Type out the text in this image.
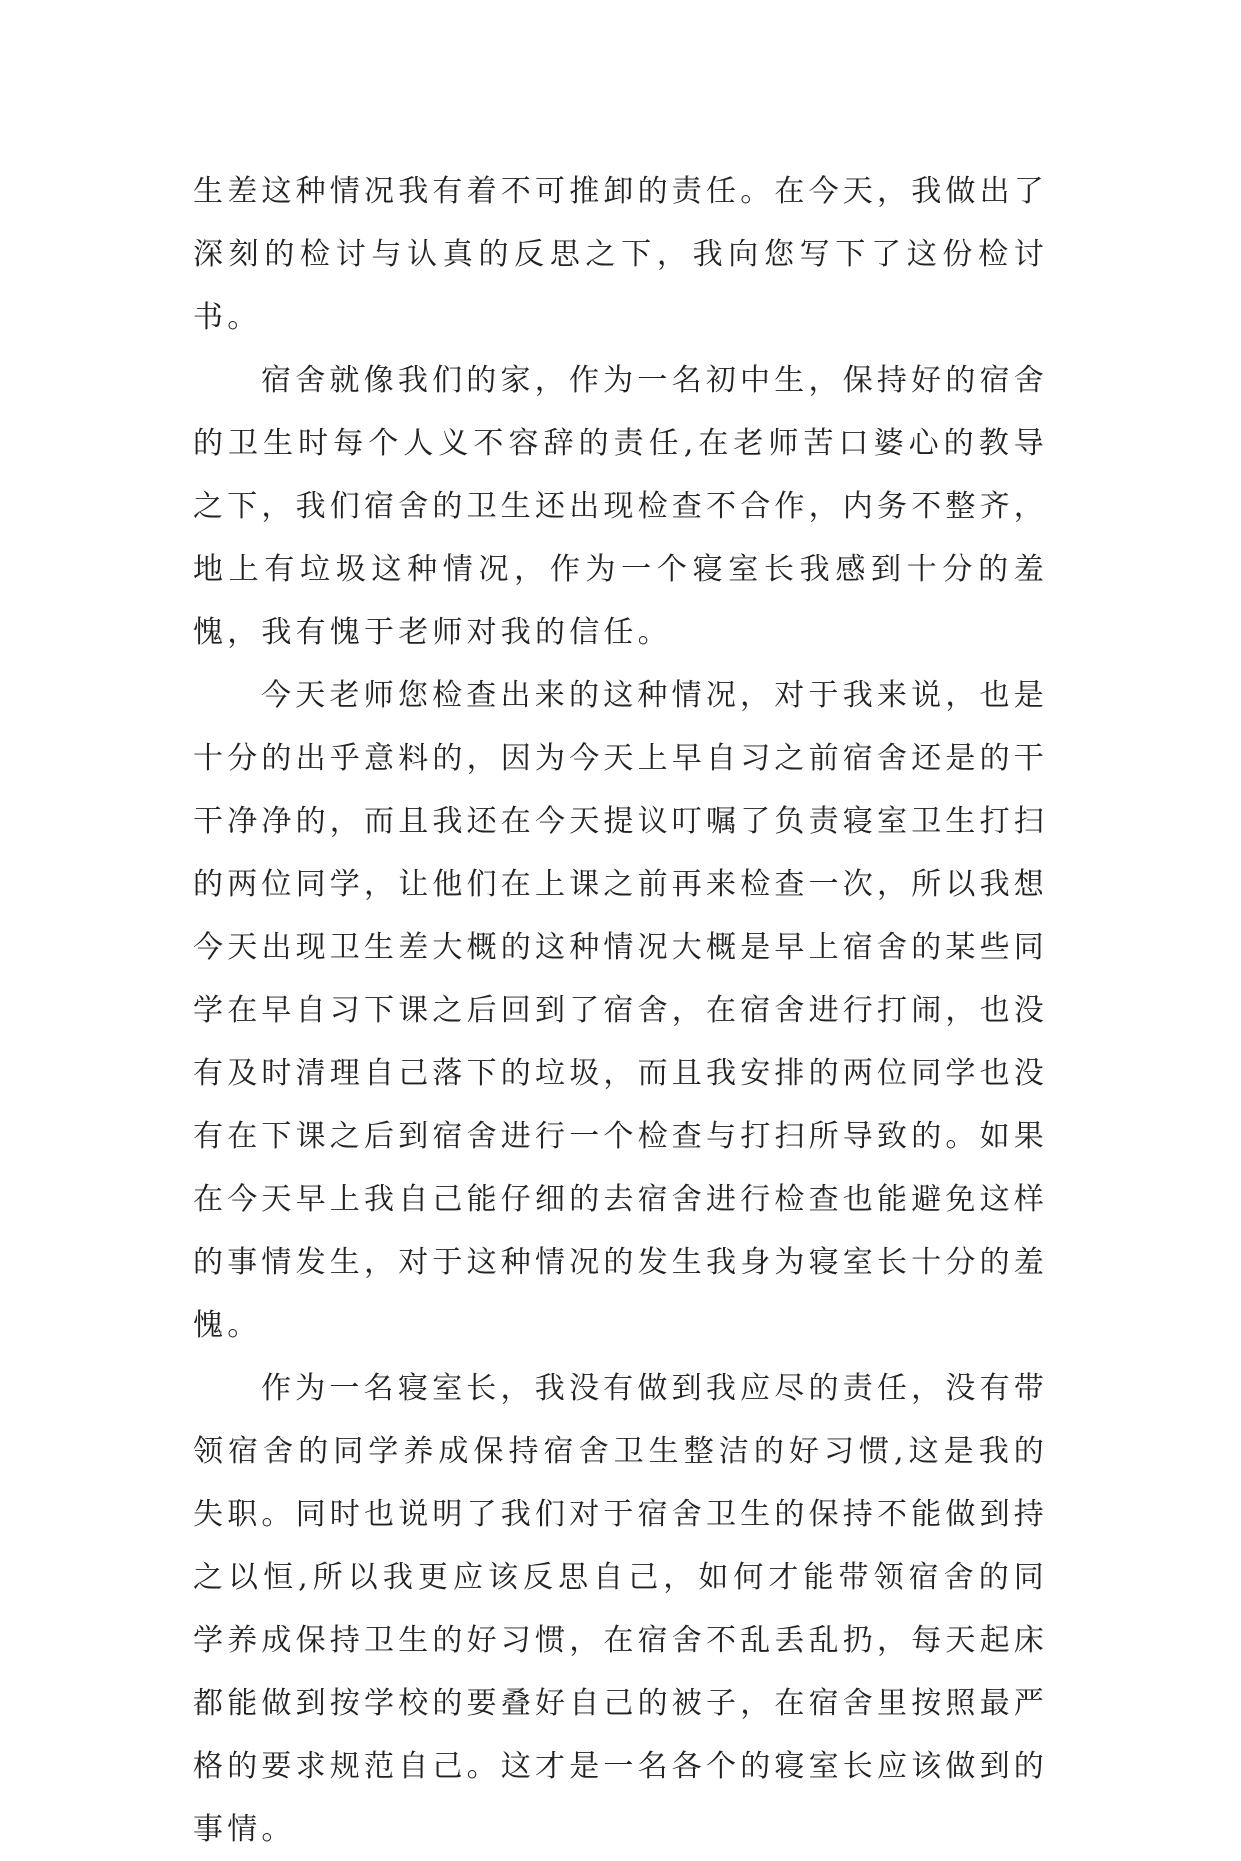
生差这种情况我有着不可推卸的责任。在今天，我做出了深刻的检讨与认真的反思之下，我向您写下了这份检讨书。

宿舍就像我们的家，作为一名初中生，保持好的宿舍的卫生时每个人义不容辞的责任,在老师苦口婆心的教导之下，我们宿舍的卫生还出现检查不合作，内务不整齐，地上有垃圾这种情况，作为一个寝室长我感到十分的羞愧，我有愧于老师对我的信任。

今天老师您检查出来的这种情况，对于我来说，也是十分的出乎意料的，因为今天上早自习之前宿舍还是的干干净净的，而且我还在今天提议叮嘱了负责寝室卫生打扫的两位同学，让他们在上课之前再来检查一次，所以我想今天出现卫生差大概的这种情况大概是早上宿舍的某些同学在早自习下课之后回到了宿舍，在宿舍进行打闹，也没有及时清理自己落下的垃圾，而且我安排的两位同学也没有在下课之后到宿舍进行一个检查与打扫所导致的。如果在今天早上我自己能仔细的去宿舍进行检查也能避免这样的事情发生，对于这种情况的发生我身为寝室长十分的羞愧。

作为一名寝室长，我没有做到我应尽的责任，没有带领宿舍的同学养成保持宿舍卫生整洁的好习惯,这是我的失职。同时也说明了我们对于宿舍卫生的保持不能做到持之以恒,所以我更应该反思自己，如何才能带领宿舍的同学养成保持卫生的好习惯，在宿舍不乱丢乱扔，每天起床都能做到按学校的要叠好自己的被子，在宿舍里按照最严格的要求规范自己。这才是一名各个的寝室长应该做到的事情。
